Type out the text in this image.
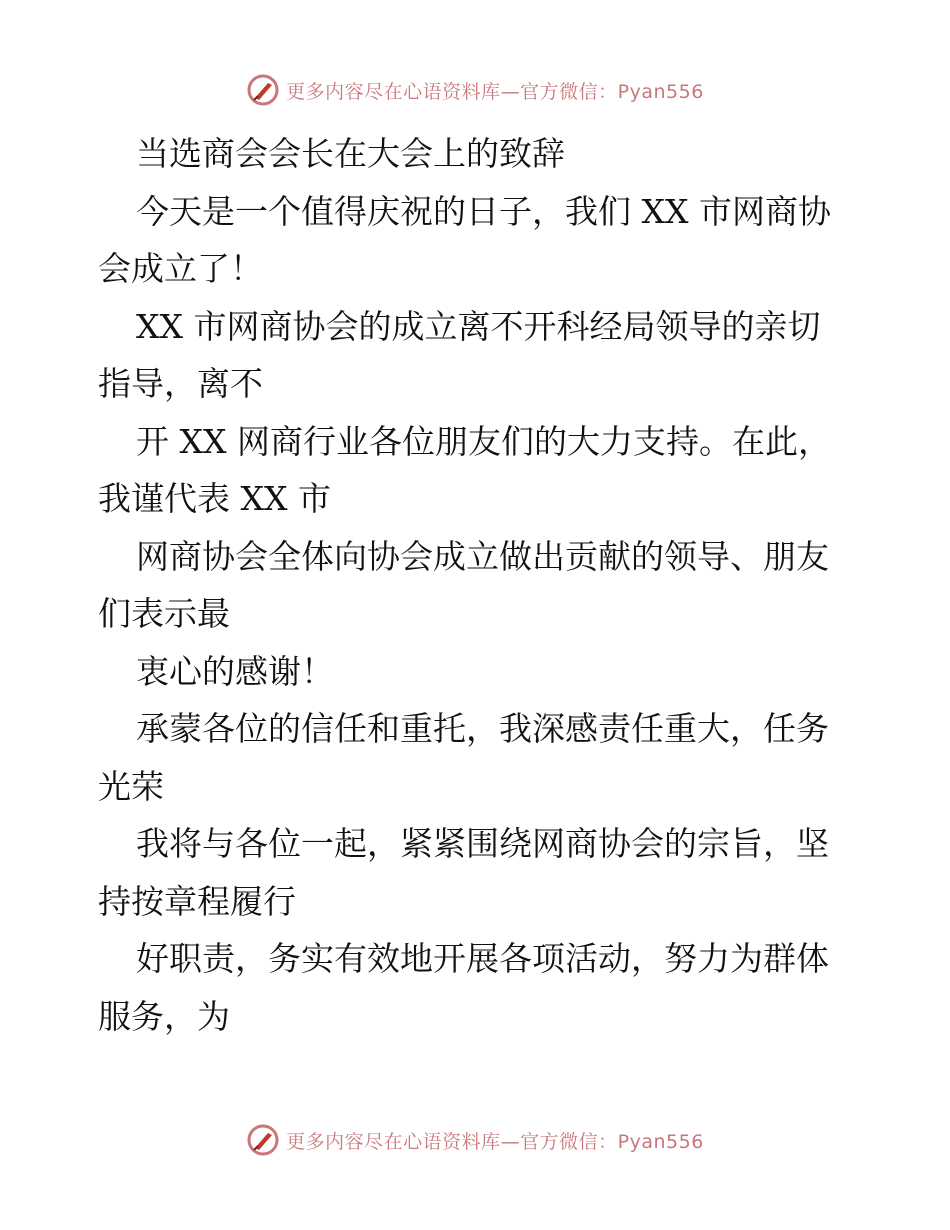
更多内容尽在心语资料库—官方微信：Pyan556
当选商会会长在大会上的致辞
今天是一个值得庆祝的日子，我们 XX 市网商协
会成立了！
XX 市网商协会的成立离不开科经局领导的亲切
指导，离不
开 XX 网商行业各位朋友们的大力支持。在此，
我谨代表 XX 市
网商协会全体向协会成立做出贡献的领导、朋友
们表示最
衷心的感谢！
承蒙各位的信任和重托，我深感责任重大，任务
光荣
我将与各位一起，紧紧围绕网商协会的宗旨，坚
持按章程履行
好职责，务实有效地开展各项活动，努力为群体
服务，为
更多内容尽在心语资料库—官方微信：Pyan556
